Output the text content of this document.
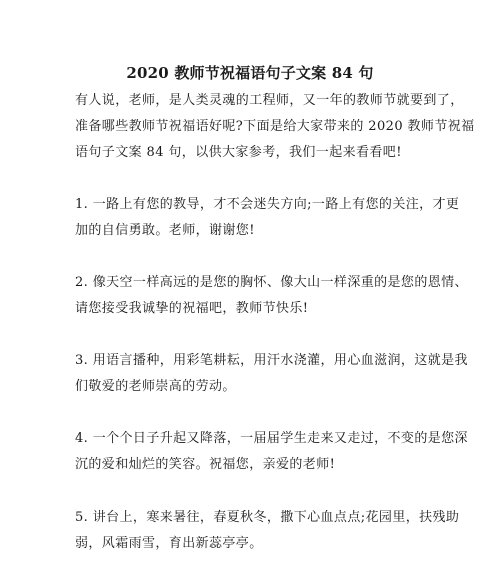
2020 教师节祝福语句子文案 84 句
有人说，老师，是人类灵魂的工程师，又一年的教师节就要到了，
准备哪些教师节祝福语好呢?下面是给大家带来的 2020 教师节祝福
语句子文案 84 句，以供大家参考，我们一起来看看吧!
1. 一路上有您的教导，才不会迷失方向;一路上有您的关注，才更
加的自信勇敢。老师，谢谢您!
2. 像天空一样高远的是您的胸怀、像大山一样深重的是您的恩情、
请您接受我诚挚的祝福吧，教师节快乐!
3. 用语言播种，用彩笔耕耘，用汗水浇灌，用心血滋润，这就是我
们敬爱的老师崇高的劳动。
4. 一个个日子升起又降落，一届届学生走来又走过，不变的是您深
沉的爱和灿烂的笑容。祝福您，亲爱的老师!
5. 讲台上，寒来暑往，春夏秋冬，撒下心血点点;花园里，扶残助
弱，风霜雨雪，育出新蕊亭亭。
